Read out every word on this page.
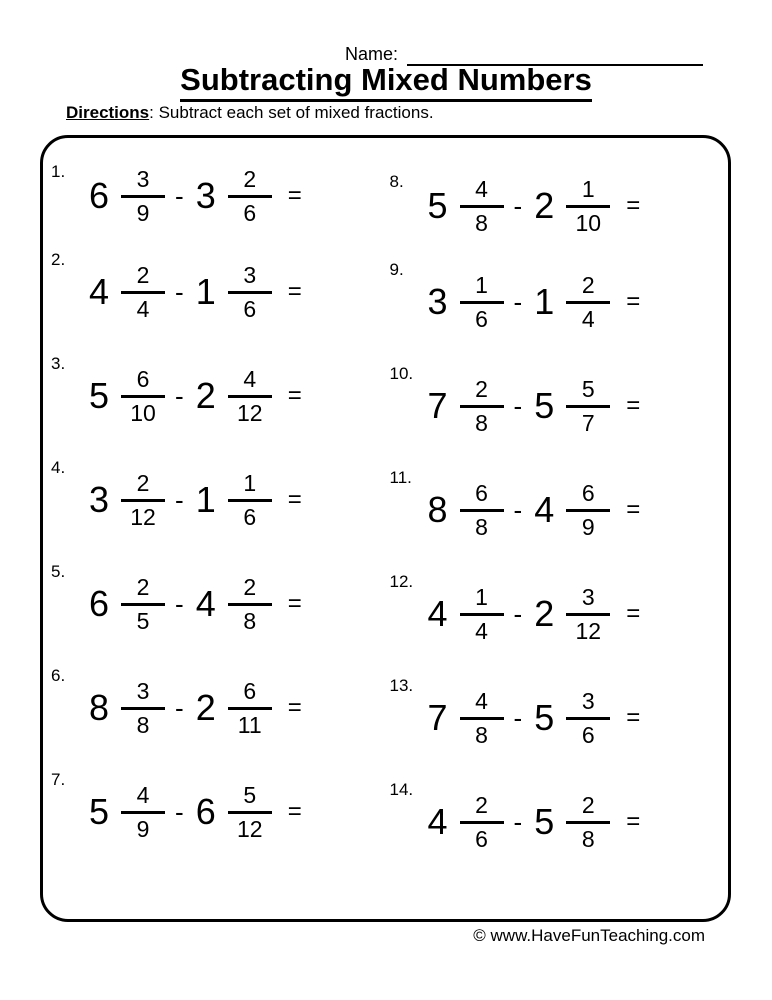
Name:
Subtracting Mixed Numbers

Directions: Subtract each set of mixed fractions.

1.
$6 \frac{3}{9} - 3 \frac{2}{6}$ =
2.
$4 \frac{2}{4} - 1 \frac{3}{6}$ =
3.
$5 \frac{6}{10} - 2 \frac{4}{12}$ =
4.
$3 \frac{2}{12} - 1 \frac{1}{6}$ =
5.
$6 \frac{2}{5} - 4 \frac{2}{8}$ =
6.
$8 \frac{3}{8} - 2 \frac{6}{11}$ =
7.
$5 \frac{4}{9} - 6 \frac{5}{12}$ =
8.
$5 \frac{4}{8} - 2 \frac{1}{10}$ =
9.
$3 \frac{1}{6} - 1 \frac{2}{4}$ =
10.
$7 \frac{2}{8} - 5 \frac{5}{7}$ =
11.
$8 \frac{6}{8} - 4 \frac{6}{9}$ =
12.
$4 \frac{1}{4} - 2 \frac{3}{12}$ =
13.
$7 \frac{4}{8} - 5 \frac{3}{6}$ =
14.
$4 \frac{2}{6} - 5 \frac{2}{8}$ =
© www.HaveFunTeaching.com
